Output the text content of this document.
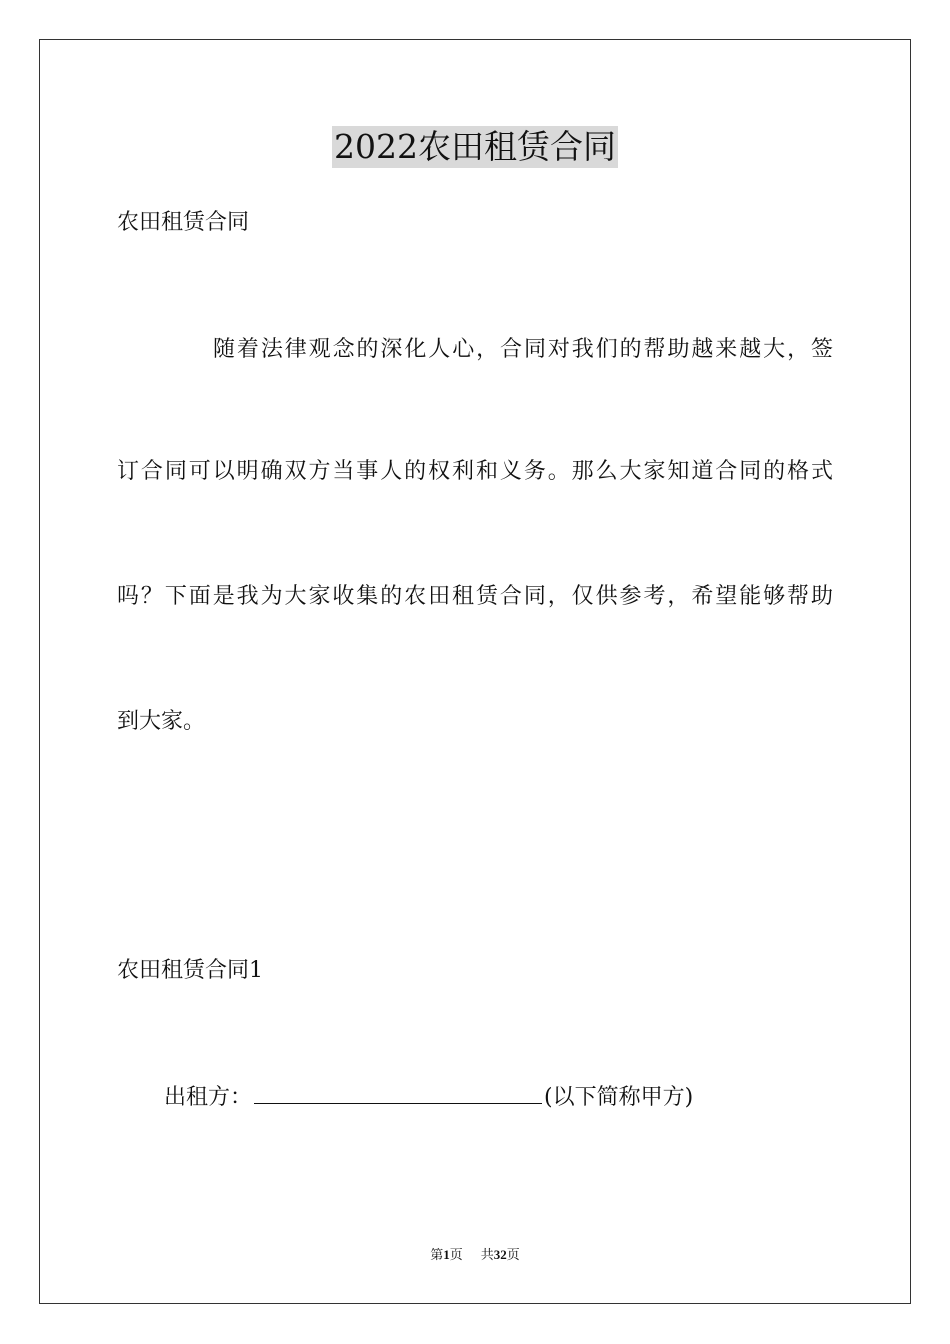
2022农田租赁合同
农田租赁合同
随着法律观念的深化人心，合同对我们的帮助越来越大，签
订合同可以明确双方当事人的权利和义务。那么大家知道合同的格式
吗？下面是我为大家收集的农田租赁合同，仅供参考，希望能够帮助
到大家。
农田租赁合同1
出租方：	(以下简称甲方)
第1页 共32页
